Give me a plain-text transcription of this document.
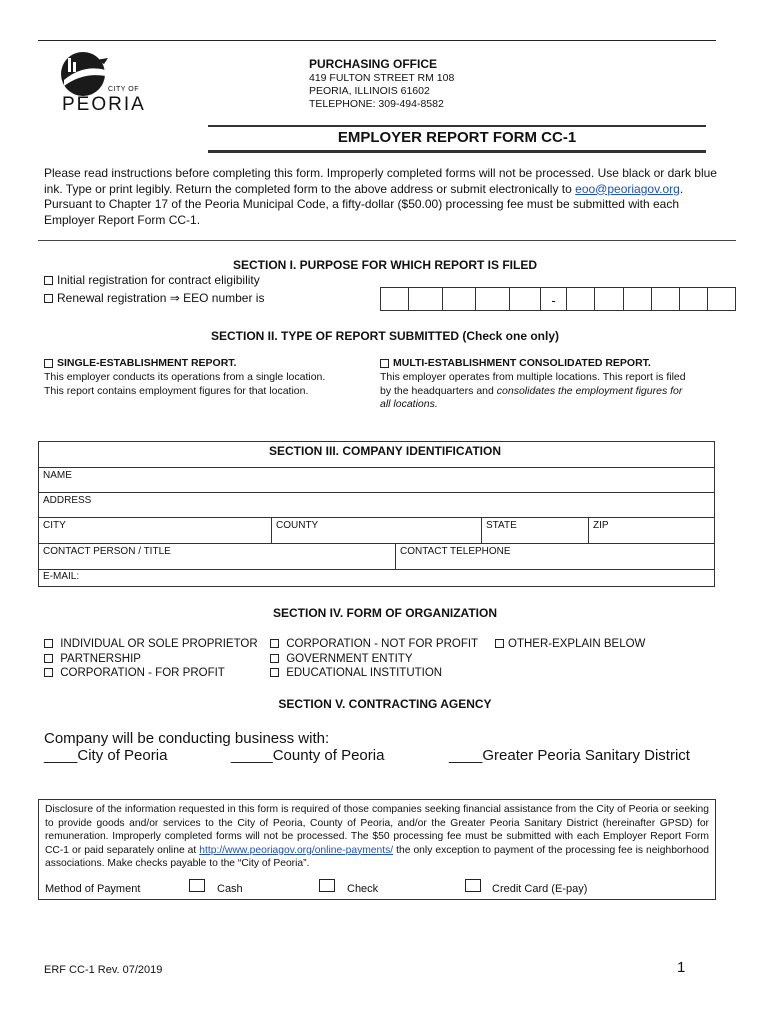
CITY OF
PEORIA
PURCHASING OFFICE
419 FULTON STREET RM 108
PEORIA, ILLINOIS 61602
TELEPHONE: 309-494-8582
EMPLOYER REPORT FORM CC-1
Please read instructions before completing this form. Improperly completed forms will not be processed. Use black or dark blue ink. Type or print legibly. Return the completed form to the above address or submit electronically to eoo@peoriagov.org. Pursuant to Chapter 17 of the Peoria Municipal Code, a fifty-dollar ($50.00) processing fee must be submitted with each Employer Report Form CC-1.
SECTION I. PURPOSE FOR WHICH REPORT IS FILED
Initial registration for contract eligibility
Renewal registration ⇒ EEO number is	-
SECTION II. TYPE OF REPORT SUBMITTED (Check one only)
SINGLE-ESTABLISHMENT REPORT.
This employer conducts its operations from a single location. This report contains employment figures for that location.
MULTI-ESTABLISHMENT CONSOLIDATED REPORT.
This employer operates from multiple locations. This report is filed by the headquarters and consolidates the employment figures for all locations.
SECTION III. COMPANY IDENTIFICATION
NAME
ADDRESS
CITY	COUNTY	STATE	ZIP
CONTACT PERSON / TITLE	CONTACT TELEPHONE
E-MAIL:
SECTION IV. FORM OF ORGANIZATION
INDIVIDUAL OR SOLE PROPRIETOR
PARTNERSHIP
CORPORATION - FOR PROFIT
CORPORATION - NOT FOR PROFIT
GOVERNMENT ENTITY
EDUCATIONAL INSTITUTION
OTHER-EXPLAIN BELOW
SECTION V. CONTRACTING AGENCY
Company will be conducting business with:
____City of Peoria	_____County of Peoria	____Greater Peoria Sanitary District
Disclosure of the information requested in this form is required of those companies seeking financial assistance from the City of Peoria or seeking to provide goods and/or services to the City of Peoria, County of Peoria, and/or the Greater Peoria Sanitary District (hereinafter GPSD) for remuneration. Improperly completed forms will not be processed. The $50 processing fee must be submitted with each Employer Report Form CC-1 or paid separately online at http://www.peoriagov.org/online-payments/ the only exception to payment of the processing fee is neighborhood associations. Make checks payable to the “City of Peoria”.
Method of Payment	Cash	Check	Credit Card (E-pay)
ERF CC-1 Rev. 07/2019	1
